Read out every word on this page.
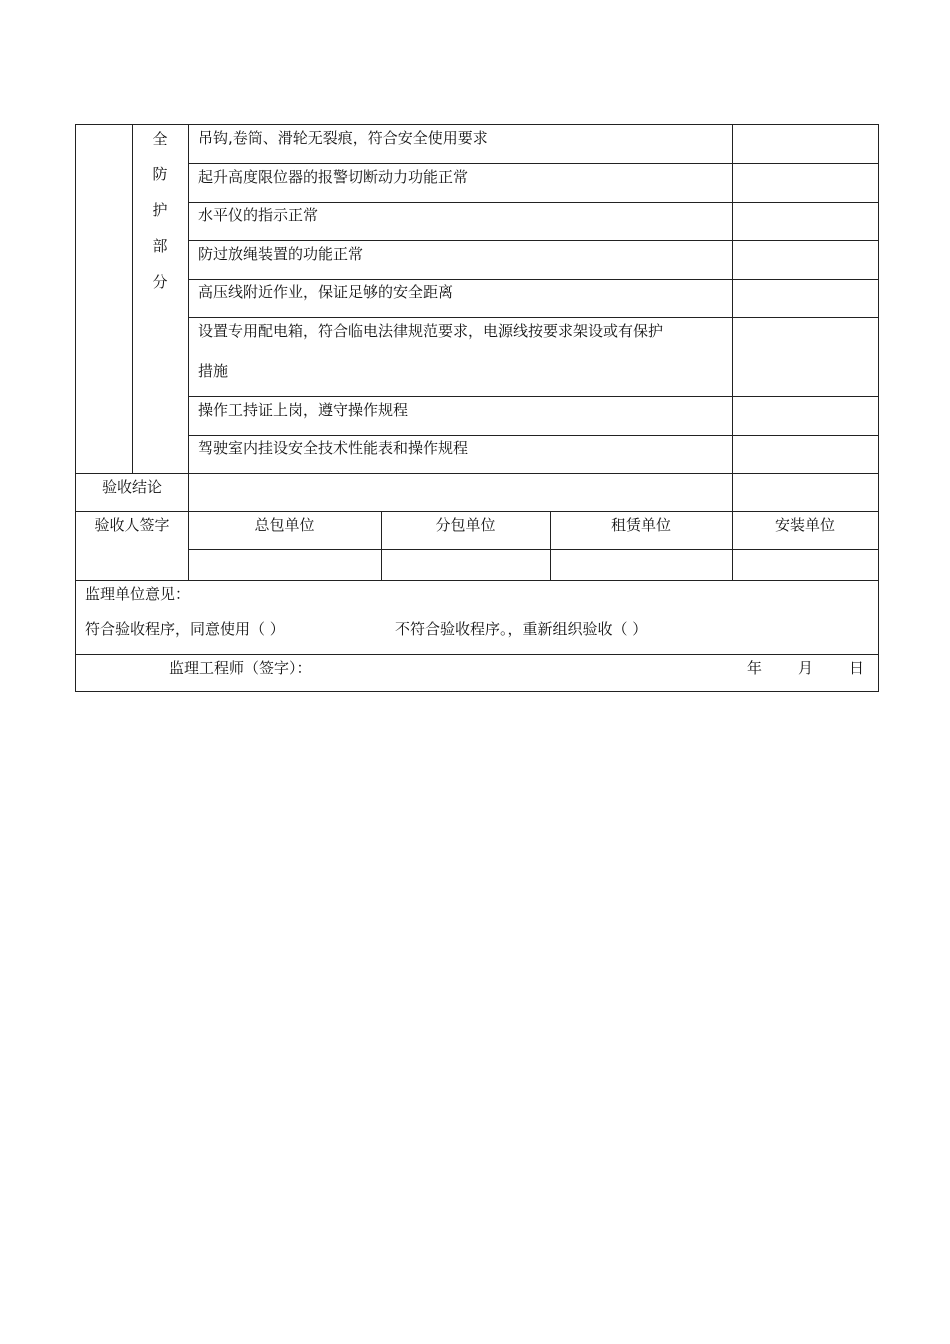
全
防
护
部
分
吊钩,卷筒、滑轮无裂痕，符合安全使用要求
起升高度限位器的报警切断动力功能正常
水平仪的指示正常
防过放绳装置的功能正常
高压线附近作业，保证足够的安全距离
设置专用配电箱，符合临电法律规范要求，电源线按要求架设或有保护
措施
操作工持证上岗，遵守操作规程
驾驶室内挂设安全技术性能表和操作规程
验收结论
验收人签字	总包单位	分包单位	租赁单位	安装单位
监理单位意见：
符合验收程序，同意使用（ ）	不符合验收程序。，重新组织验收（ ）
监理工程师（签字）：	年 月 日
